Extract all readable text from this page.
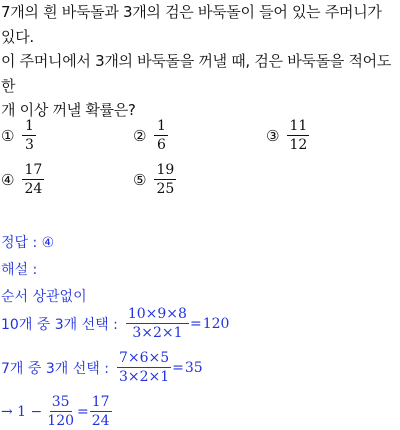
7개의 흰 바둑돌과 3개의 검은 바둑돌이 들어 있는 주머니가 있다.
이 주머니에서 3개의 바둑돌을 꺼낼 때, 검은 바둑돌을 적어도 한
개 이상 꺼낼 확률은?
① $\frac{1}{3}$	② $\frac{1}{6}$	③ $\frac{11}{12}$
④ $\frac{17}{24}$	⑤ $\frac{19}{25}$
정답 : ④
해설 :
순서 상관없이
10개 중 3개 선택 : $\frac{10\times 9\times 8}{3\times 2\times 1} = 120$
7개 중 3개 선택 : $\frac{7\times 6\times 5}{3\times 2\times 1} = 35$
→ $1 - \frac{35}{120} = \frac{17}{24}$
